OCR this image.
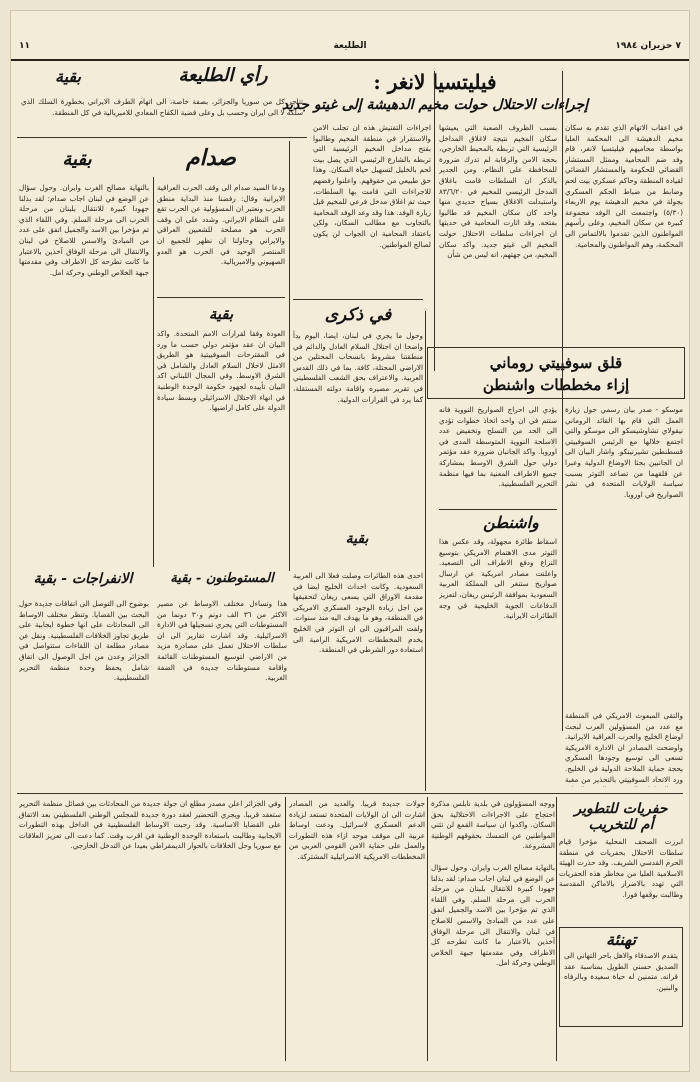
٧ حزيران ١٩٨٤
الطليعة
١١
فيليتسيا لانغر :
إجراءات الاحتلال حولت مخيم الدهيشة إلى غيتو جديد
في اعقاب الاتهام الذي تقدم به سكان مخيم الدهيشة الى المحكمة العليا بواسطة محاميهم فيليتسيا لانغر، قام وفد ضم المحامية وممثل المستشار القضائي للحكومة والمستشار القضائي لقيادة المنطقة وحاكم عسكري بيت لحم وضابط من ضباط الحكم العسكري بجولة في مخيم الدهيشة يوم الاربعاء (٥/٣٠) واجتمعت الى الوفد مجموعة كبيرة من سكان المخيم، وعلى رأسهم المواطنون الذين تقدموا بالالتماس الى المحكمة، وهم المواطنون والمحامية.
بسبب الظروف الصعبة التي يعيشها سكان المخيم نتيجة لاغلاق المداخل الرئيسية التي تربطه بالمحيط الخارجي، بحجة الامن والرقابة لم تدرك ضرورة للمحافظة على النظام. ومن الجدير بالذكر ان السلطات قامت باغلاق المدخل الرئيسي للمخيم في ٨٣/٦/٢٠ واستبدلت الاغلاق بسياج حديدي منها واحد كان سكان المخيم قد طالبوا بفتحه. وقد اثارت المحامية في حديثها ان اجراءات سلطات الاحتلال حولت المخيم الى غيتو جديد. واكد سكان المخيم، من جهتهم، انه ليس من شأن
اجراءات التفتيش هذه ان تجلب الامن والاستقرار في منطقة المخيم وطالبوا بفتح مداخل المخيم الرئيسية التي تربطه بالشارع الرئيسي الذي يصل بيت لحم بالخليل لتسهيل حياة السكان. وهذا حق طبيعي من حقوقهم. واعلنوا رفضهم للاجراءات التي قامت بها السلطات، حيث تم اغلاق مدخل فرعي للمخيم قبل زيارة الوفد. هذا وقد وعد الوفد المحامية بالتجاوب مع مطالب السكان، ولكن باعتقاد المحامية ان الجواب لن يكون لصالح المواطنين.
رأي الطليعة
بقية
تتاجر كل من سوريا والجزائر، بصفة خاصة، الى اتهام الطرف الايراني بخطورة السلك الذي سلكه لا الى ايران وحسب بل وعلى قضية الكفاح المعادي للامبريالية في كل المنطقة.
صدام
بقية
بالنهاية مصالح الغرب وايران. وحول سؤال عن الوضع في لبنان اجاب صدام: لقد بذلنا جهودا كبيرة للانتقال بلبنان من مرحلة الحرب الى مرحلة السلم. وفي اللقاء الذي تم مؤخرا بين الاسد والجميل اتفق على عدد من المبادئ والاسس للاصلاح في لبنان والانتقال الى مرحلة الوفاق آخذين بالاعتبار ما كانت تطرحه كل الاطراف وفي مقدمتها جبهة الخلاص الوطني وحركة امل.
ودعا السيد صدام الى وقف الحرب العراقية الايرانية وقال: رفضنا منذ البداية منطق الحرب ونعتبر ان المسؤولية عن الحرب تقع على النظام الايراني. وشدد على ان وقف الحرب هو مصلحة للشعبين العراقي والايراني وحاولنا ان نظهر للجميع ان المنتصر الوحيد في الحرب هو العدو الصهيوني والامبريالية.
بقية
العودة وفقا لقرارات الامم المتحدة. واكد البيان ان عقد مؤتمر دولي حسب ما ورد في المقترحات السوفييتية هو الطريق الامثل لاحلال السلام العادل والشامل في الشرق الاوسط. وفي المجال اللبناني اكد البيان تأييده لجهود حكومة الوحدة الوطنية في انهاء الاحتلال الاسرائيلي وبسط سيادة الدولة على كامل اراضيها.
في ذكرى
وحول ما يجري في لبنان، ايضا، اليوم بدأ واضحا ان احتلال السلام العادل والدائم في منطقتنا مشروط بانسحاب المحتلين من الاراضي المحتلة، كافة. بما في ذلك القدس العربية. والاعتراف بحق الشعب الفلسطيني في تقرير مصيره واقامة دولته المستقلة، كما يرد في القرارات الدولية.
قلق سوفييتي روماني
إزاء مخططات واشنطن
موسكو - صدر بيان رسمي حول زيارة العمل التي قام بها القائد الروماني نيقولاي تشاوشيسكو الى موسكو والتي اجتمع خلالها مع الرئيس السوفييتي قسطنطين تشيرنينكو. واشار البيان الى ان الجانبين بحثا الاوضاع الدولية وعبرا عن قلقهما من تصاعد التوتر بسبب سياسة الولايات المتحدة في نشر الصواريخ في اوروبا.
يؤدي الى احراج الصواريخ النووية فانه ستتم في ان واحد اتخاذ خطوات تؤدي الى الحد من التسلح وتخفيض عدد الاسلحة النووية المتوسطة المدى في اوروبا. واكد الجانبان ضرورة عقد مؤتمر دولي حول الشرق الاوسط بمشاركة جميع الاطراف المعنية بما فيها منظمة التحرير الفلسطينية.
واشنطن
بقية	اسقاط طائرة مجهولة، وقد عكس هذا التوتر مدى الاهتمام الامريكي بتوسيع النزاع ودفع الاطراف الى التصعيد. واعلنت مصادر امريكية عن ارسال صواريخ ستنغر الى المملكة العربية السعودية بموافقة الرئيس ريغان، لتعزيز الدفاعات الجوية الخليجية في وجه الطائرات الايرانية.
احدى هذه الطائرات وصلت فعلا الى العربية السعودية. وكانت احداث الخليج ايضا في مقدمة الاوراق التي يسعى ريغان لتحقيقها من اجل زيادة الوجود العسكري الامريكي في المنطقة، وهو ما يهدف اليه منذ سنوات. ولفت المراقبون الى ان التوتر في الخليج يخدم المخططات الامريكية الرامية الى استعادة دور الشرطي في المنطقة.
والتقى المبعوث الامريكي في المنطقة مع عدد من المسؤولين العرب لبحث اوضاع الخليج والحرب العراقية الايرانية. واوضحت المصادر ان الادارة الامريكية تسعى الى توسيع وجودها العسكري بحجة حماية الملاحة الدولية في الخليج. ورد الاتحاد السوفييتي بالتحذير من مغبة
الانفراجات - بقية
بوضوح الى التوصل الى اتفاقات جديدة حول البحث بين القضايا. وتنظر مختلف الاوساط الى المحادثات على انها خطوة ايجابية على طريق تجاوز الخلافات الفلسطينية. ونقل عن مصادر مطلعة ان اللقاءات ستتواصل في الجزائر وعدن من اجل الوصول الى اتفاق شامل يحفظ وحدة منظمة التحرير الفلسطينية.
المستوطنون - بقية
هذا وتساءل مختلف الاوساط عن مصير الاكثر من ٣٦ الف دونم و٣٠ دونما من المستوطنات التي يجري تسجيلها في الادارة الاسرائيلية. وقد اشارت تقارير الى ان سلطات الاحتلال تعمل على مصادرة مزيد من الاراضي لتوسيع المستوطنات القائمة واقامة مستوطنات جديدة في الضفة الغربية.
وفي الجزائر اعلن مصدر مطلع ان جولة جديدة من المحادثات بين فصائل منظمة التحرير ستعقد قريبا. ويجري التحضير لعقد دورة جديدة للمجلس الوطني الفلسطيني بعد الاتفاق على القضايا الاساسية. وقد رحبت الاوساط الفلسطينية في الداخل بهذه التطورات الايجابية وطالبت باستعادة الوحدة الوطنية في اقرب وقت. كما دعت الى تعزيز العلاقات مع سوريا وحل الخلافات بالحوار الديمقراطي بعيدا عن التدخل الخارجي.
جولات جديدة قريبا. والعديد من المصادر اشارت الى ان الولايات المتحدة تستعد لزيادة الدعم العسكري لاسرائيل. ودعت اوساط عربية الى موقف موحد ازاء هذه التطورات والعمل على حماية الامن القومي العربي من المخططات الامريكية الاسرائيلية المشتركة.
ووجه المسؤولون في بلدية نابلس مذكرة احتجاج على الاجراءات الاحتلالية بحق السكان. واكدوا ان سياسة القمع لن تثني المواطنين عن التمسك بحقوقهم الوطنية المشروعة.
حفريات للتطوير
أم للتخريب
ابرزت الصحف المحلية مؤخرا قيام سلطات الاحتلال بحفريات في منطقة الحرم القدسي الشريف. وقد حذرت الهيئة الاسلامية العليا من مخاطر هذه الحفريات التي تهدد بالاضرار بالاماكن المقدسة وطالبت بوقفها فورا.
تهنئة
يتقدم الاصدقاء والاهل باحر التهاني الى الصديق حسني الطويل بمناسبة عقد قرانه. متمنين له حياة سعيدة وبالرفاه والبنين.
بالنهاية مصالح الغرب وايران. وحول سؤال عن الوضع في لبنان اجاب صدام: لقد بذلنا جهودا كبيرة للانتقال بلبنان من مرحلة الحرب الى مرحلة السلم. وفي اللقاء الذي تم مؤخرا بين الاسد والجميل اتفق على عدد من المبادئ والاسس للاصلاح في لبنان والانتقال الى مرحلة الوفاق آخذين بالاعتبار ما كانت تطرحه كل الاطراف وفي مقدمتها جبهة الخلاص الوطني وحركة امل.
